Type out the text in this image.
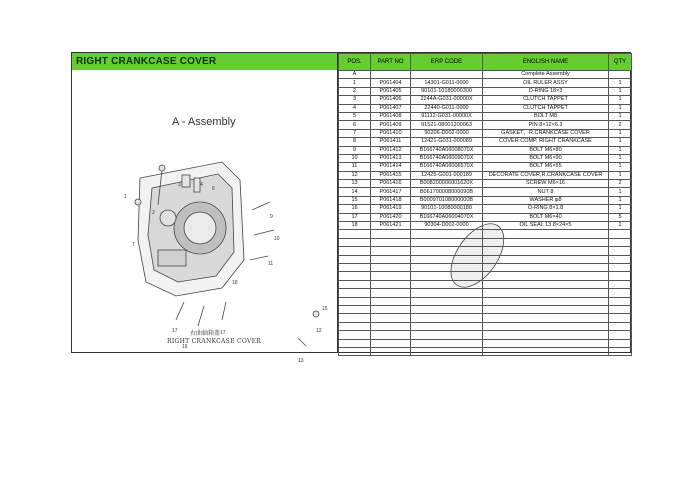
RIGHT CRANKCASE COVER
A - Assembly
1
2
3	4
6
7
9
10
11
12
13
15
16
17	17
18
右曲轴箱盖
RIGHT CRANKCASE COVER
POS.	PART NO	ERP CODE	ENGLISH NAME	QTY
A			Complete Assembly	
1	P061404	14301-G011-0000	OIL RULER ASSY	1
2	P061405	90101-10180000300	O-RING 18×3	1
3	P061406	2244A-G031-00000X	CLUTCH TAPPET	1
4	P061407	22440-G011-0000	CLUTCH TAPPET	1
5	P061408	91112-G031-00000X	BOLT M8	1
6	P061409	91521-08001200063	PIN 8×12×6.3	2
7	P061410	90206-D002-0000	GASKET，R.CRANKCASE COVER	1
8	P061411	12421-G031-000089	COVER COMP. RIGHT CRANKCASE	1
9	P061412	B166740A06008070X	BOLT M6×80	1
10	P061413	B166740A06009070X	BOLT M6×90	1
11	P061414	B166740A06006570X	BOLT M6×65	1
12	P061415	12425-G001-000189	DECORATE COVER,R.CRANKCASE COVER	1
13	P061416	B008200006001620X	SCREW M6×16	2
14	P061417	B061700008000090B	NUT 8	1
15	P061418	B000970108000000B	WASHER φ8	1
16	P061419	90101-10080000180	O-RING 8×1.8	1
17	P061420	B166740A06004070X	BOLT M6×40	5
18	P061421	90304-D002-0000	OIL SEAL 13.8×24×5	1
